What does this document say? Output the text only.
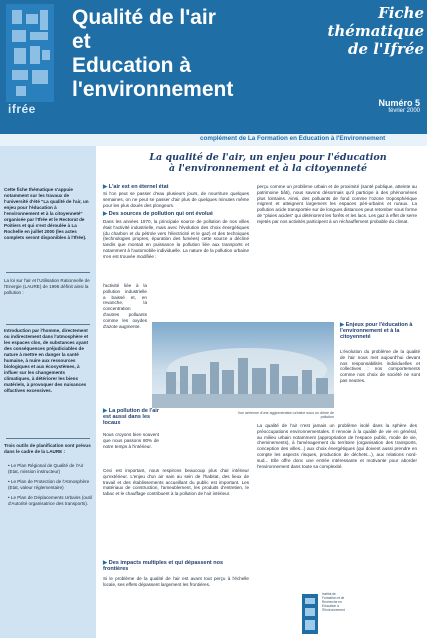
ifrée
Qualité de l'air
et
Education à
l'environnement
Fiche thématique
de l'Ifrée
Numéro 5
février 2000
complément de La Formation en Éducation à l'Environnement
Cette fiche thématique s'appuie notamment sur les travaux de l'université d'été "La qualité de l'air, un enjeu pour l'éducation à l'environnement et à la citoyenneté" organisée par l'Ifrée et le Rectorat de Poitiers et qui s'est déroulée à La Rochelle en juillet 2000 (les actes complets seront disponibles à l'Ifrée).
La loi sur l'air et l'Utilisation Rationnelle de l'Energie (LAURE) de 1996 définit ainsi la pollution :
Introduction par l'homme, directement ou indirectement dans l'atmosphère et les espaces clos, de substances ayant des conséquences préjudiciables de nature à mettre en danger la santé humaine, à nuire aux ressources biologiques et aux écosystèmes, à influer sur les changements climatiques, à détériorer les biens matériels, à provoquer des nuisances olfactives excessives.
Trois outils de planification sont prévus dans le cadre de la LAURE :
• Le Plan Régional de Qualité de l'Air (Etat, mission instructeur)
• Le Plan de Protection de l'Atmosphère (Etat, valeur réglementaire)
• Le Plan de Déplacements Urbains (outil d'Autorité organisatrice des transports).
La qualité de l'air, un enjeu pour l'éducation
à l'environnement et à la citoyenneté
▶ L'air est en éternel état
Si l'on peut se passer d'eau plusieurs jours, de nourriture quelques semaines, on ne peut se passer d'air plus de quelques minutes même pour les plus doués des plongeurs.
▶ Des sources de pollution qui ont évolué
Dans les années 1970, la principale source de pollution de nos villes était l'activité industrielle, mais avec l'évolution des choix énergétiques (du charbon et du pétrole vers l'électricité et le gaz) et des techniques (technologies propres, épuration des fumées) cette source a décliné tandis que montait en puissance la pollution liée aux transports et notamment à l'automobile individuelle. La nature de la pollution urbaine s'en est trouvée modifiée :
l'activité liée à la pollution industrielle a baissé et, en revanche, la concentration d'autres polluants comme les oxydes d'azote augmente.
▶ La pollution de l'air est aussi dans les locaux
Nous croyons bien souvent que nous passons 80% de notre temps à l'intérieur.
Ceci est important, nous respirons beaucoup plus d'air intérieur qu'extérieur. L'enjeu d'un air sain au sein de l'habitat, des lieux de travail et des établissements accueillant du public est important. Les matériaux de construction, l'ameublement, les produits d'entretien, le tabac et le chauffage contribuent à la pollution de l'air intérieur.
▶ Des impacts multiples et qui dépassent nos frontières
Si le problème de la qualité de l'air est avant tout perçu à l'échelle locale, ses effets dépassent largement les frontières.
perçu comme un problème urbain et de proximité (santé publique, atteinte au patrimoine bâti), nous savons désormais qu'il participe à des phénomènes plus lointains. Ainsi, des polluants de fond comme l'ozone troposphérique migrent et atteignent largement les espaces péri-urbains et ruraux. La pollution acide transportée sur de longues distances peut retomber sous forme de "pluies acides" qui détériorent les forêts et les lacs. Les gaz à effet de serre rejetés par nos activités participent à un réchauffement probable du climat.
▶ Enjeux pour l'éducation à l'environnement et à la citoyenneté
L'évolution du problème de la qualité de l'air nous met aujourd'hui devant nos responsabilités individuelles et collectives : nos comportements comme nos choix de société ne sont pas neutres.
La qualité de l'air n'est jamais un problème isolé dans la sphère des préoccupations environnementales. Il renvoie à la qualité de vie en général, au milieu urbain notamment (appropriation de l'espace public, mode de vie, cheminements), à l'aménagement du territoire (organisation des transports, conception des villes...) aux choix énergétiques (qui doivent aussi prendre en compte les aspects risques, production de déchets...), aux relations nord-sud... Elle offre donc une entrée intéressante et motivante pour aborder l'environnement dans toute sa complexité.
Vue aérienne d'une agglomération urbaine sous un dôme de pollution
Institut de
Formation et de
Recherche en
Education à
l'Environnement
